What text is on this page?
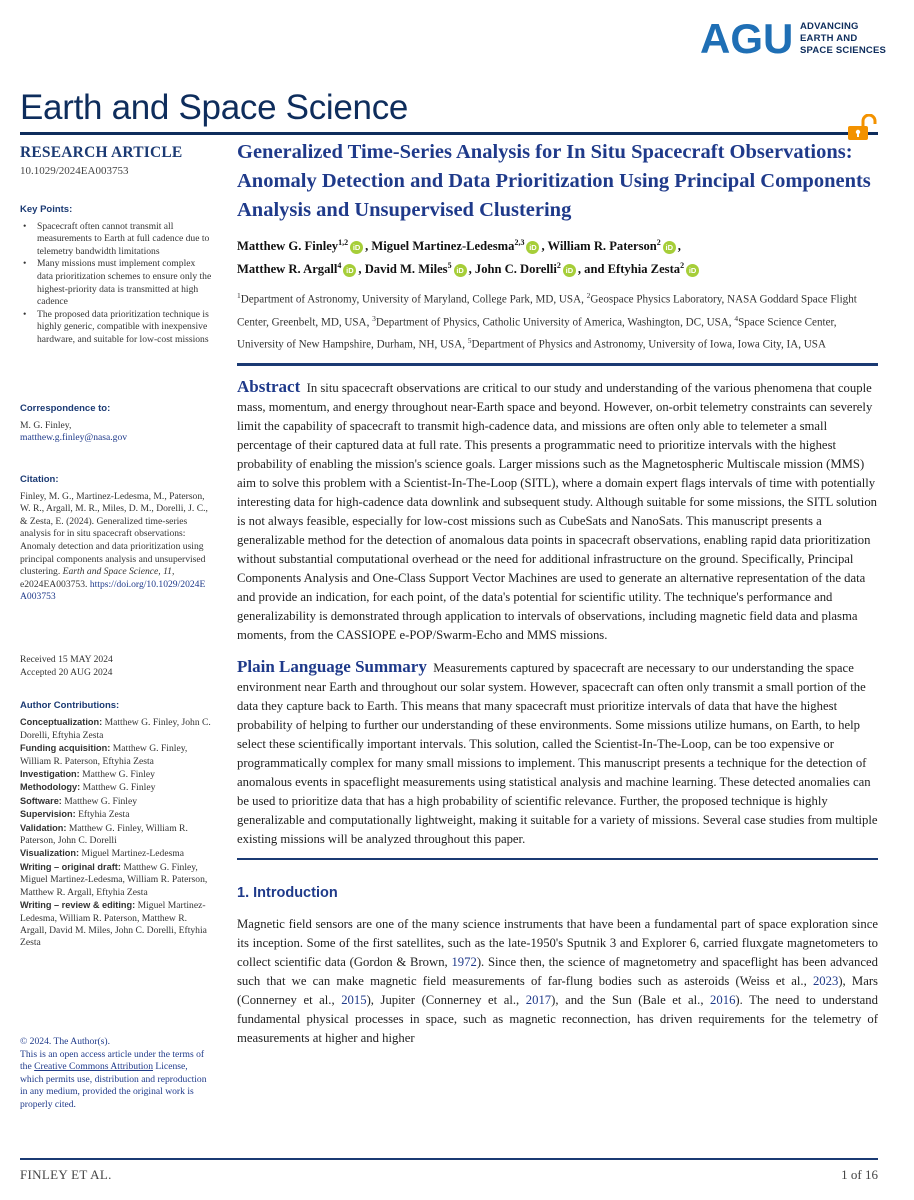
AGU ADVANCING
EARTH AND
SPACE SCIENCES
Earth and Space Science
RESEARCH ARTICLE
10.1029/2024EA003753
Key Points:
• Spacecraft often cannot transmit all measurements to Earth at full cadence due to telemetry bandwidth limitations
• Many missions must implement complex data prioritization schemes to ensure only the highest-priority data is transmitted at high cadence
• The proposed data prioritization technique is highly generic, compatible with inexpensive hardware, and suitable for low-cost missions
Correspondence to:
M. G. Finley,
matthew.g.finley@nasa.gov
Citation:
Finley, M. G., Martinez-Ledesma, M., Paterson, W. R., Argall, M. R., Miles, D. M., Dorelli, J. C., & Zesta, E. (2024). Generalized time-series analysis for in situ spacecraft observations: Anomaly detection and data prioritization using principal components analysis and unsupervised clustering. Earth and Space Science, 11, e2024EA003753. https://doi.org/10.1029/2024EA003753
Received 15 MAY 2024
Accepted 20 AUG 2024
Author Contributions:
Conceptualization: Matthew G. Finley, John C. Dorelli, Eftyhia Zesta
Funding acquisition: Matthew G. Finley, William R. Paterson, Eftyhia Zesta
Investigation: Matthew G. Finley
Methodology: Matthew G. Finley
Software: Matthew G. Finley
Supervision: Eftyhia Zesta
Validation: Matthew G. Finley, William R. Paterson, John C. Dorelli
Visualization: Miguel Martinez-Ledesma
Writing – original draft: Matthew G. Finley, Miguel Martinez-Ledesma, William R. Paterson, Matthew R. Argall, Eftyhia Zesta
Writing – review & editing: Miguel Martinez-Ledesma, William R. Paterson, Matthew R. Argall, David M. Miles, John C. Dorelli, Eftyhia Zesta
© 2024. The Author(s).
This is an open access article under the terms of the Creative Commons Attribution License, which permits use, distribution and reproduction in any medium, provided the original work is properly cited.
Generalized Time-Series Analysis for In Situ Spacecraft Observations: Anomaly Detection and Data Prioritization Using Principal Components Analysis and Unsupervised Clustering
Matthew G. Finley$^{1,2}$iD , Miguel Martinez-Ledesma$^{2,3}$iD , William R. Paterson$^2$iD ,
Matthew R. Argall$^4$iD , David M. Miles$^5$iD , John C. Dorelli$^2$iD , and Eftyhia Zesta$^2$iD
$^1$Department of Astronomy, University of Maryland, College Park, MD, USA, $^2$Geospace Physics Laboratory, NASA Goddard Space Flight Center, Greenbelt, MD, USA, $^3$Department of Physics, Catholic University of America, Washington, DC, USA, $^4$Space Science Center, University of New Hampshire, Durham, NH, USA, $^5$Department of Physics and Astronomy, University of Iowa, Iowa City, IA, USA
Abstract In situ spacecraft observations are critical to our study and understanding of the various phenomena that couple mass, momentum, and energy throughout near-Earth space and beyond. However, on-orbit telemetry constraints can severely limit the capability of spacecraft to transmit high-cadence data, and missions are often only able to telemeter a small percentage of their captured data at full rate. This presents a programmatic need to prioritize intervals with the highest probability of enabling the mission's science goals. Larger missions such as the Magnetospheric Multiscale mission (MMS) aim to solve this problem with a Scientist-In-The-Loop (SITL), where a domain expert flags intervals of time with potentially interesting data for high-cadence data downlink and subsequent study. Although suitable for some missions, the SITL solution is not always feasible, especially for low-cost missions such as CubeSats and NanoSats. This manuscript presents a generalizable method for the detection of anomalous data points in spacecraft observations, enabling rapid data prioritization without substantial computational overhead or the need for additional infrastructure on the ground. Specifically, Principal Components Analysis and One-Class Support Vector Machines are used to generate an alternative representation of the data and provide an indication, for each point, of the data's potential for scientific utility. The technique's performance and generalizability is demonstrated through application to intervals of observations, including magnetic field data and plasma moments, from the CASSIOPE e-POP/Swarm-Echo and MMS missions.
Plain Language Summary Measurements captured by spacecraft are necessary to our understanding the space environment near Earth and throughout our solar system. However, spacecraft can often only transmit a small portion of the data they capture back to Earth. This means that many spacecraft must prioritize intervals of data that have the highest probability of helping to further our understanding of these environments. Some missions utilize humans, on Earth, to help select these scientifically important intervals. This solution, called the Scientist-In-The-Loop, can be too expensive or programmatically complex for many small missions to implement. This manuscript presents a technique for the detection of anomalous events in spaceflight measurements using statistical analysis and machine learning. These detected anomalies can be used to prioritize data that has a high probability of scientific relevance. Further, the proposed technique is highly generalizable and computationally lightweight, making it suitable for a variety of missions. Several case studies from multiple existing missions will be analyzed throughout this paper.
1. Introduction
Magnetic field sensors are one of the many science instruments that have been a fundamental part of space exploration since its inception. Some of the first satellites, such as the late-1950's Sputnik 3 and Explorer 6, carried fluxgate magnetometers to collect scientific data (Gordon & Brown, 1972). Since then, the science of magnetometry and spaceflight has been advanced such that we can make magnetic field measurements of far-flung bodies such as asteroids (Weiss et al., 2023), Mars (Connerney et al., 2015), Jupiter (Connerney et al., 2017), and the Sun (Bale et al., 2016). The need to understand fundamental physical processes in space, such as magnetic reconnection, has driven requirements for the telemetry of measurements at higher and higher
FINLEY ET AL.	1 of 16
